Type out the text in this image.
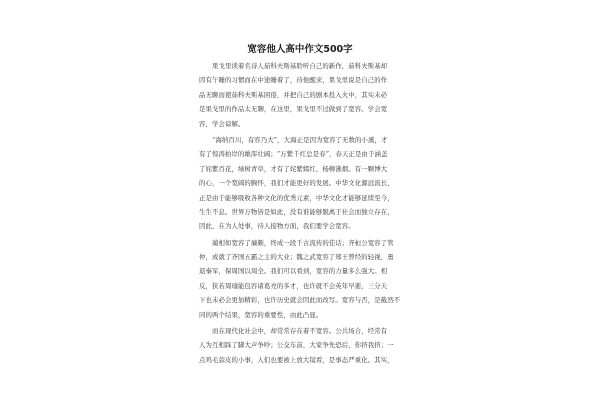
宽容他人高中作文500字
果戈里读着名诗人茹科夫斯基聆听自己的新作，茹科夫斯基却
因有午睡的习惯而在中途睡着了，待他醒来，果戈里说是自己的作
品无聊而使茹科夫斯基困倦，并把自己的剧本投入火中，其实未必
是果戈里的作品太无聊，在这里，果戈里不过做到了宽容。学会宽
容，学会谅解。
“海纳百川，有容乃大”，大海正是因为宽容了无数的小溪，才
有了惊涛拍岸的雄浑壮阔；“万紫千红总是春”，春天正是由于涵盖
了姹紫百花，绿树青草，才有了姹紫嫣红，杨柳沸烟。有一颗博大
的心，一个宽阔的胸怀，我们才能更好的发展。中华文化源远流长，
正是由于能够吸收各种文化的优秀元素，中华文化才能够延续至今，
生生不息。世界万物皆是如此，没有谁能够脱离于社会而独立存在，
因此，在为人处事，待人接物方面，我们要学会宽容。
蔺相如宽容了廉颇，终成一段千古流传的佳话；齐桓公宽容了管
仲，成就了齐国五霸之主的大业；魏之武宽容了郑王曾经的轻视，勇
退秦军，保周国以周全。我们可以看到，宽容的力量多么强大。相
反，狭若周瑜能包容诸葛亮的多才，也许就不会英年早逝，三分天
下也未必会更加精彩，也许历史就会因此而改写。宽容与否，是截然不
同的两个结果，宽容的重要性，由此凸显。
而在现代化社会中，却常常存在着不宽容。公共场合，经常有
人为互相踩了脚大声争吵；公交车前，大家争先恐后，你挤我挤；一
点鸡毛蒜皮的小事，人们也要被上放大镜看，是事态严重化。其实，
